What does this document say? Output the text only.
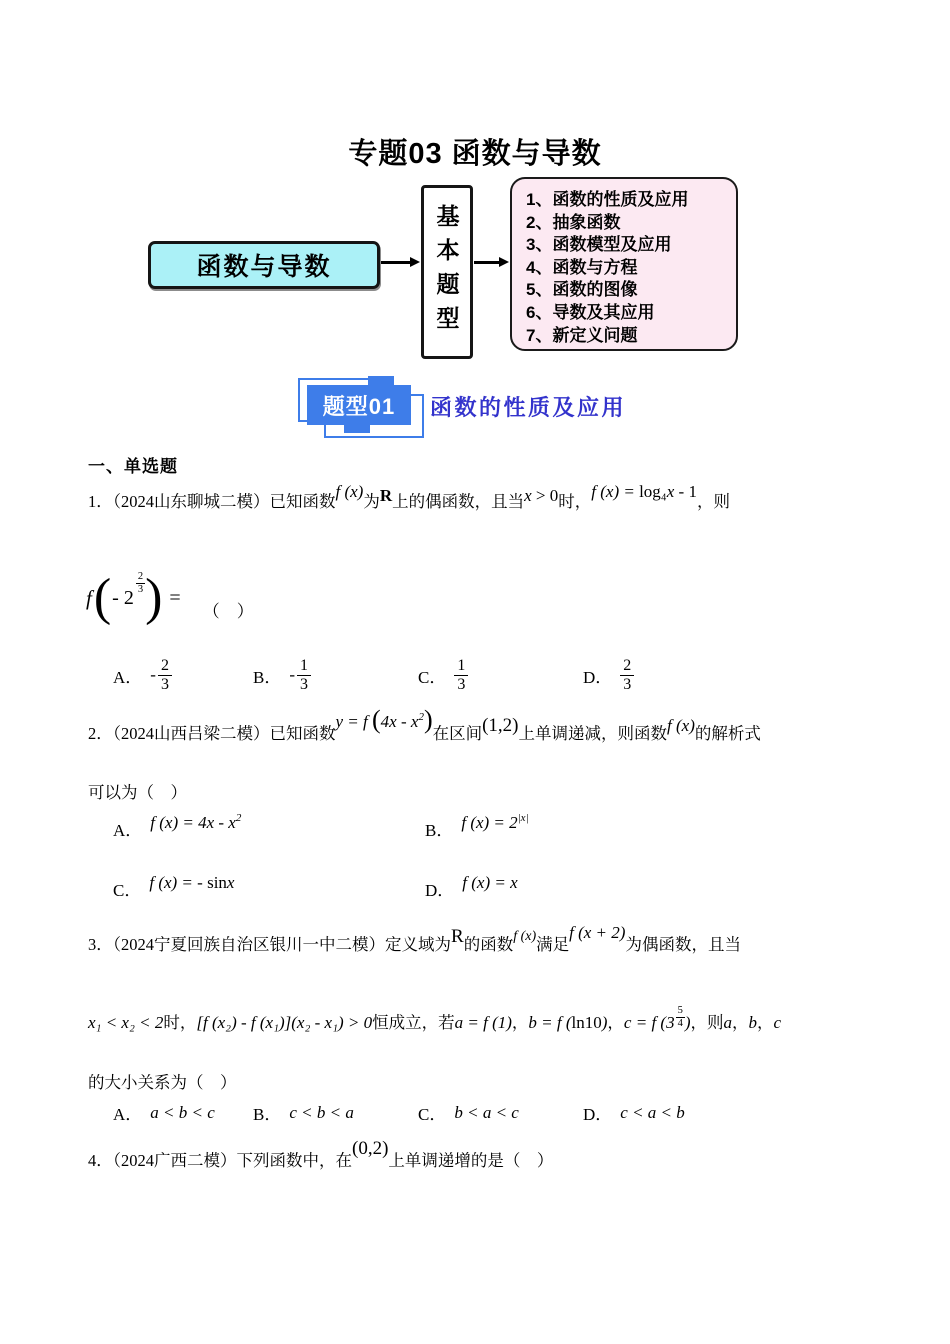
专题03 函数与导数
函数与导数	基本题型
1、函数的性质及应用
2、抽象函数
3、函数模型及应用
4、函数与方程
5、函数的图像
6、导数及其应用
7、新定义问题
题型01	函数的性质及应用
一、单选题
1．（2024山东聊城二模）已知函数f (x)为R上的偶函数，且当x > 0时，f (x) = log₄x - 1，则
f ( - 2
2
3 ) =
（　）
A． - 2
3	B． - 1
3	C．
1
3	D．
2
3
2．（2024山西吕梁二模）已知函数y = f $(4x - x^2)$在区间(1,2)上单调递减，则函数f (x)的解析式
可以为（　）
A． f $(x) = 4x - x^2$
B． f $(x) = 2^{|x|}$
C． f (x) = - sinx	D． f (x) = x
3．（2024宁夏回族自治区银川一中二模）定义域为R的函数f (x)满足f (x + 2)为偶函数，且当
x₁ < x₂ < 2时，[f (x₂) - f (x₁)](x₂ - x₁) > 0恒成立，若a = f (1)，b = f (ln10)，c = f ($3 \frac{5}{4}$ )，则a，b，c
的大小关系为（　）
A． a < b < c B． c < b < a	C． b < a < c	D． c < a < b
4．（2024广西二模）下列函数中，在(0,2)上单调递增的是（　）
